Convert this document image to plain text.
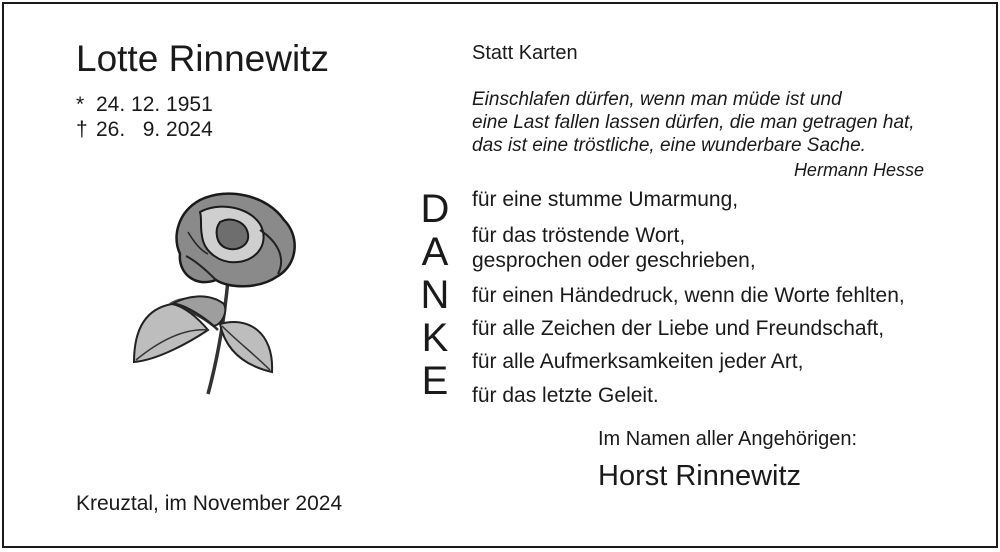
Lotte Rinnewitz
* 24. 12. 1951
† 26.   9. 2024
Kreuztal, im November 2024
Statt Karten
Einschlafen dürfen, wenn man müde ist und
eine Last fallen lassen dürfen, die man getragen hat,
das ist eine tröstliche, eine wunderbare Sache.
Hermann Hesse
D
A
N
K
E
für eine stumme Umarmung,
für das tröstende Wort,
gesprochen oder geschrieben,
für einen Händedruck, wenn die Worte fehlten,
für alle Zeichen der Liebe und Freundschaft,
für alle Aufmerksamkeiten jeder Art,
für das letzte Geleit.
Im Namen aller Angehörigen:
Horst Rinnewitz
